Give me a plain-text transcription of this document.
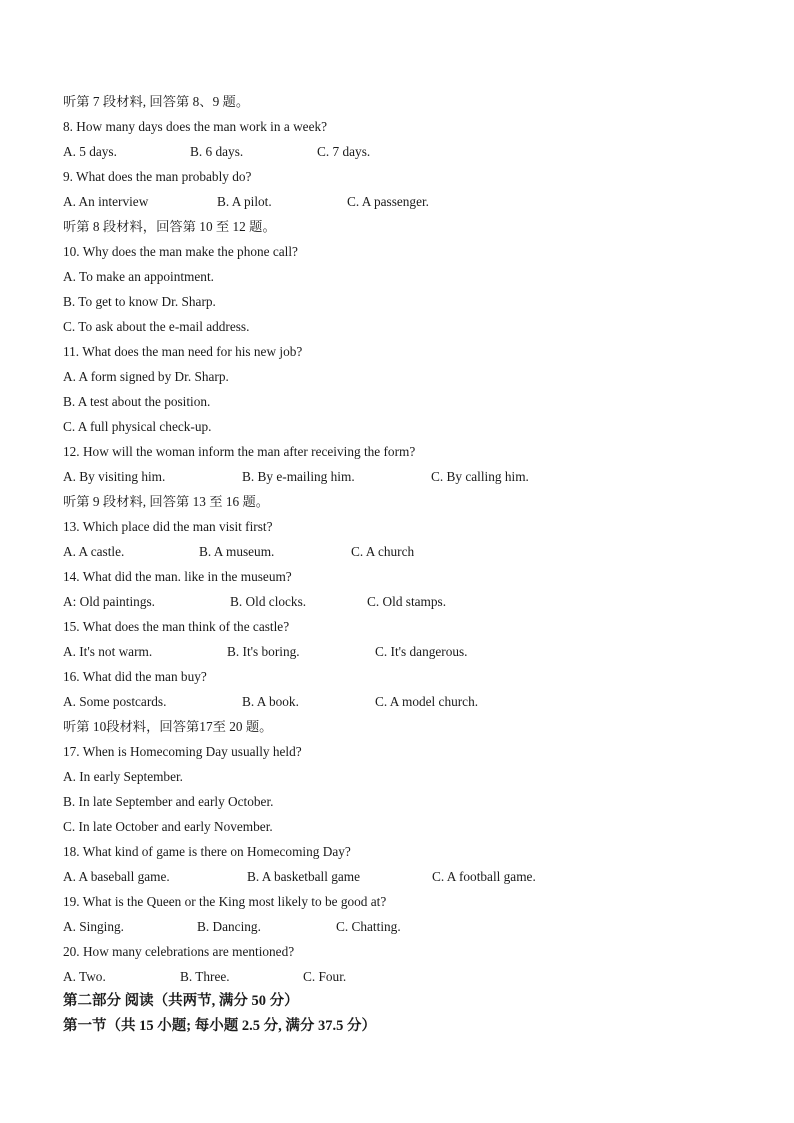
听第 7 段材料, 回答第 8、9 题。
8. How many days does the man work in a week?
A. 5 days.	B. 6 days.	C. 7 days.
9. What does the man probably do?
A. An interview	B. A pilot.	C. A passenger.
听第 8 段材料，回答第 10 至 12 题。
10. Why does the man make the phone call?
A. To make an appointment.
B. To get to know Dr. Sharp.
C. To ask about the e-mail address.
11. What does the man need for his new job?
A. A form signed by Dr. Sharp.
B. A test about the position.
C. A full physical check-up.
12. How will the woman inform the man after receiving the form?
A. By visiting him.	B. By e-mailing him.	C. By calling him.
听第 9 段材料, 回答第 13 至 16 题。
13. Which place did the man visit first?
A. A castle.	B. A museum.	C. A church
14. What did the man. like in the museum?
A: Old paintings.	B. Old clocks.	C. Old stamps.
15. What does the man think of the castle?
A. It's not warm.	B. It's boring.	C. It's dangerous.
16. What did the man buy?
A. Some postcards.	B. A book.	C. A model church.
听第 10段材料，回答第17至 20 题。
17. When is Homecoming Day usually held?
A. In early September.
B. In late September and early October.
C. In late October and early November.
18. What kind of game is there on Homecoming Day?
A. A baseball game.	B. A basketball game	C. A football game.
19. What is the Queen or the King most likely to be good at?
A. Singing.	B. Dancing.	C. Chatting.
20. How many celebrations are mentioned?
A. Two.	B. Three.	C. Four.
第二部分 阅读（共两节, 满分 50 分）
第一节（共 15 小题; 每小题 2.5 分, 满分 37.5 分）
